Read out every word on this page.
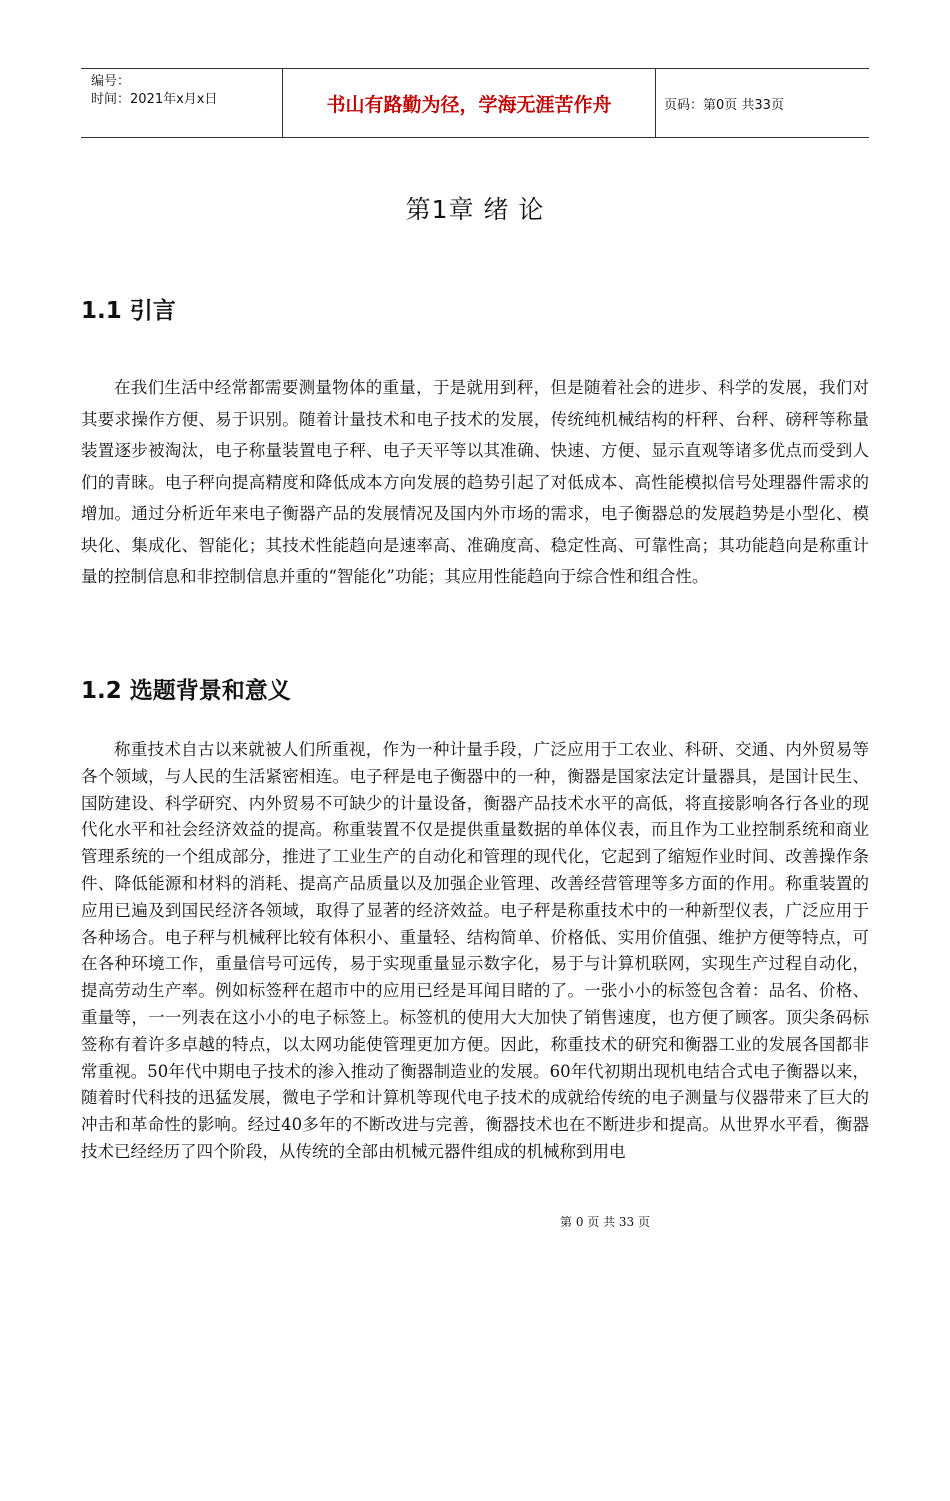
编号：
时间：2021年x月x日	书山有路勤为径，学海无涯苦作舟	页码：第0页 共33页
第1章 绪 论
1.1 引言

在我们生活中经常都需要测量物体的重量，于是就用到秤，但是随着社会的进步、科学的发展，我们对其要求操作方便、易于识别。随着计量技术和电子技术的发展，传统纯机械结构的杆秤、台秤、磅秤等称量装置逐步被淘汰，电子称量装置电子秤、电子天平等以其准确、快速、方便、显示直观等诸多优点而受到人们的青睐。电子秤向提高精度和降低成本方向发展的趋势引起了对低成本、高性能模拟信号处理器件需求的增加。通过分析近年来电子衡器产品的发展情况及国内外市场的需求，电子衡器总的发展趋势是小型化、模块化、集成化、智能化；其技术性能趋向是速率高、准确度高、稳定性高、可靠性高；其功能趋向是称重计量的控制信息和非控制信息并重的“智能化”功能；其应用性能趋向于综合性和组合性。

1.2 选题背景和意义

称重技术自古以来就被人们所重视，作为一种计量手段，广泛应用于工农业、科研、交通、内外贸易等各个领域，与人民的生活紧密相连。电子秤是电子衡器中的一种，衡器是国家法定计量器具，是国计民生、国防建设、科学研究、内外贸易不可缺少的计量设备，衡器产品技术水平的高低，将直接影响各行各业的现代化水平和社会经济效益的提高。称重装置不仅是提供重量数据的单体仪表，而且作为工业控制系统和商业管理系统的一个组成部分，推进了工业生产的自动化和管理的现代化，它起到了缩短作业时间、改善操作条件、降低能源和材料的消耗、提高产品质量以及加强企业管理、改善经营管理等多方面的作用。称重装置的应用已遍及到国民经济各领域，取得了显著的经济效益。电子秤是称重技术中的一种新型仪表，广泛应用于各种场合。电子秤与机械秤比较有体积小、重量轻、结构简单、价格低、实用价值强、维护方便等特点，可在各种环境工作，重量信号可远传，易于实现重量显示数字化，易于与计算机联网，实现生产过程自动化，提高劳动生产率。例如标签秤在超市中的应用已经是耳闻目睹的了。一张小小的标签包含着：品名、价格、重量等，一一列表在这小小的电子标签上。标签机的使用大大加快了销售速度，也方便了顾客。顶尖条码标签称有着许多卓越的特点，以太网功能使管理更加方便。因此，称重技术的研究和衡器工业的发展各国都非常重视。50年代中期电子技术的渗入推动了衡器制造业的发展。60年代初期出现机电结合式电子衡器以来，随着时代科技的迅猛发展，微电子学和计算机等现代电子技术的成就给传统的电子测量与仪器带来了巨大的冲击和革命性的影响。经过40多年的不断改进与完善，衡器技术也在不断进步和提高。从世界水平看，衡器技术已经经历了四个阶段，从传统的全部由机械元器件组成的机械称到用电

第 0 页 共 33 页
